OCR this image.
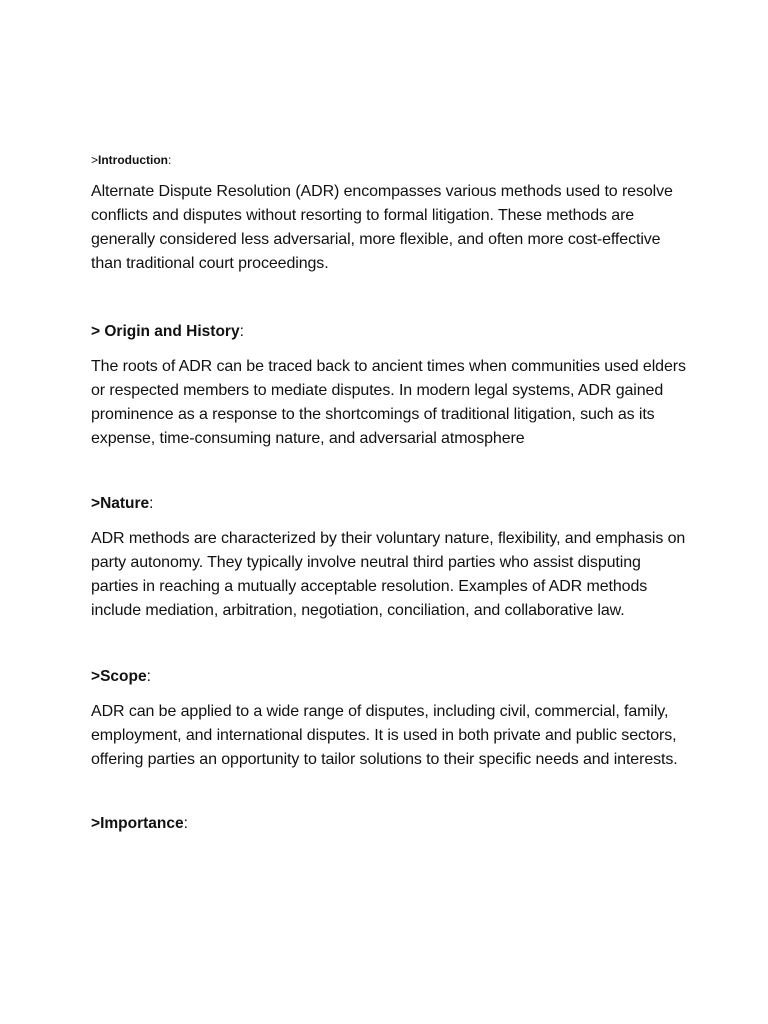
>Introduction:

Alternate Dispute Resolution (ADR) encompasses various methods used to resolve conflicts and disputes without resorting to formal litigation. These methods are generally considered less adversarial, more flexible, and often more cost-effective than traditional court proceedings.

> Origin and History:

The roots of ADR can be traced back to ancient times when communities used elders or respected members to mediate disputes. In modern legal systems, ADR gained prominence as a response to the shortcomings of traditional litigation, such as its expense, time-consuming nature, and adversarial atmosphere

>Nature:

ADR methods are characterized by their voluntary nature, flexibility, and emphasis on party autonomy. They typically involve neutral third parties who assist disputing parties in reaching a mutually acceptable resolution. Examples of ADR methods include mediation, arbitration, negotiation, conciliation, and collaborative law.

>Scope:

ADR can be applied to a wide range of disputes, including civil, commercial, family, employment, and international disputes. It is used in both private and public sectors, offering parties an opportunity to tailor solutions to their specific needs and interests.

>Importance:
